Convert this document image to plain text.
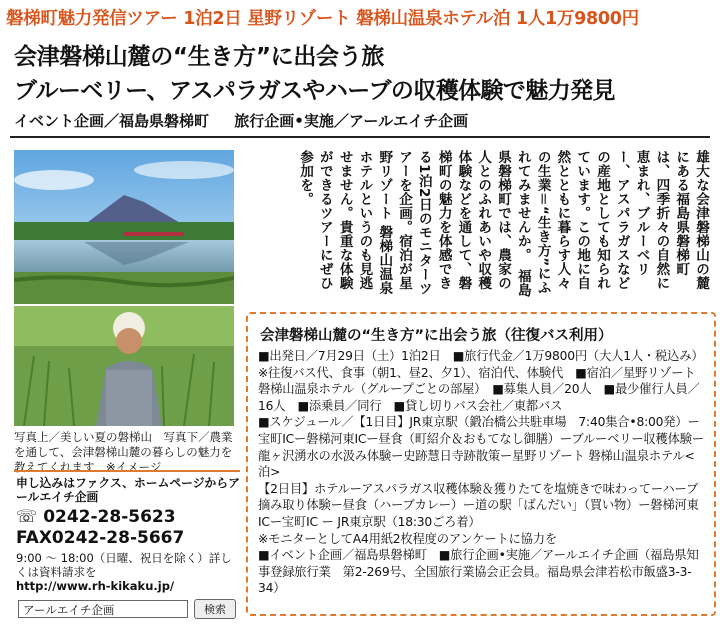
磐梯町魅力発信ツアー 1泊2日 星野リゾート 磐梯山温泉ホテル泊 1人1万9800円
会津磐梯山麓の“生き方”に出会う旅
ブルーベリー、アスパラガスやハーブの収穫体験で魅力発見
イベント企画／福島県磐梯町 旅行企画•実施／アールエイチ企画
写真上／美しい夏の磐梯山　写真下／農業を通して、会津磐梯山麓の暮らしの魅力を教えてくれます　※イメージ
雄大な会津磐梯山の麓にある福島県磐梯町は、四季折々の自然に恵まれ、ブルーベリー、アスパラガスなどの産地としても知られています。この地に自然とともに暮らす人々の生業＝“生き方”にふれてみませんか。　福島県磐梯町では、農家の人とのふれあいや収穫体験などを通して、磐梯町の魅力を体感できる1泊2日のモニターツアーを企画。宿泊が星野リゾート 磐梯山温泉ホテルというのも見逃せません。貴重な体験ができるツアーにぜひ参加を。
会津磐梯山麓の“生き方”に出会う旅（往復バス利用）

■出発日／7月29日（土）1泊2日　■旅行代金／1万9800円（大人1人・税込み）※往復バス代、食事（朝1、昼2、夕1）、宿泊代、体験代　■宿泊／星野リゾート 磐梯山温泉ホテル（グループごとの部屋）　■募集人員／20人　■最少催行人員／16人　■添乗員／同行　■貸し切りバス会社／東都バス

■スケジュール／【1日目】JR東京駅（鍛冶橋公共駐車場　7:40集合•8:00発）ー宝町ICー磐梯河東ICー昼食（町紹介＆おもてなし御膳）ーブルーベリー収穫体験ー龍ヶ沢湧水の水汲み体験ー史跡慧日寺跡散策ー星野リゾート 磐梯山温泉ホテル<泊>

【2日目】ホテルーアスパラガス収穫体験＆獲りたてを塩焼きで味わってーハーブ摘み取り体験ー昼食（ハーブカレー）ー道の駅「ばんだい」（買い物）ー磐梯河東ICー宝町IC ー JR東京駅（18:30ごろ着）

※モニターとしてA4用紙2枚程度のアンケートに協力を

■イベント企画／福島県磐梯町　■旅行企画•実施／アールエイチ企画（福島県知事登録旅行業　第2-269号、全国旅行業協会正会員。福島県会津若松市飯盛3-3-34）

申し込みはファクス、ホームページからアールエイチ企画
☏ 0242-28-5623
FAX0242-28-5667
9:00 ～ 18:00（日曜、祝日を除く）詳しくは資料請求を
http://www.rh-kikaku.jp/
アールエイチ企画	検索
